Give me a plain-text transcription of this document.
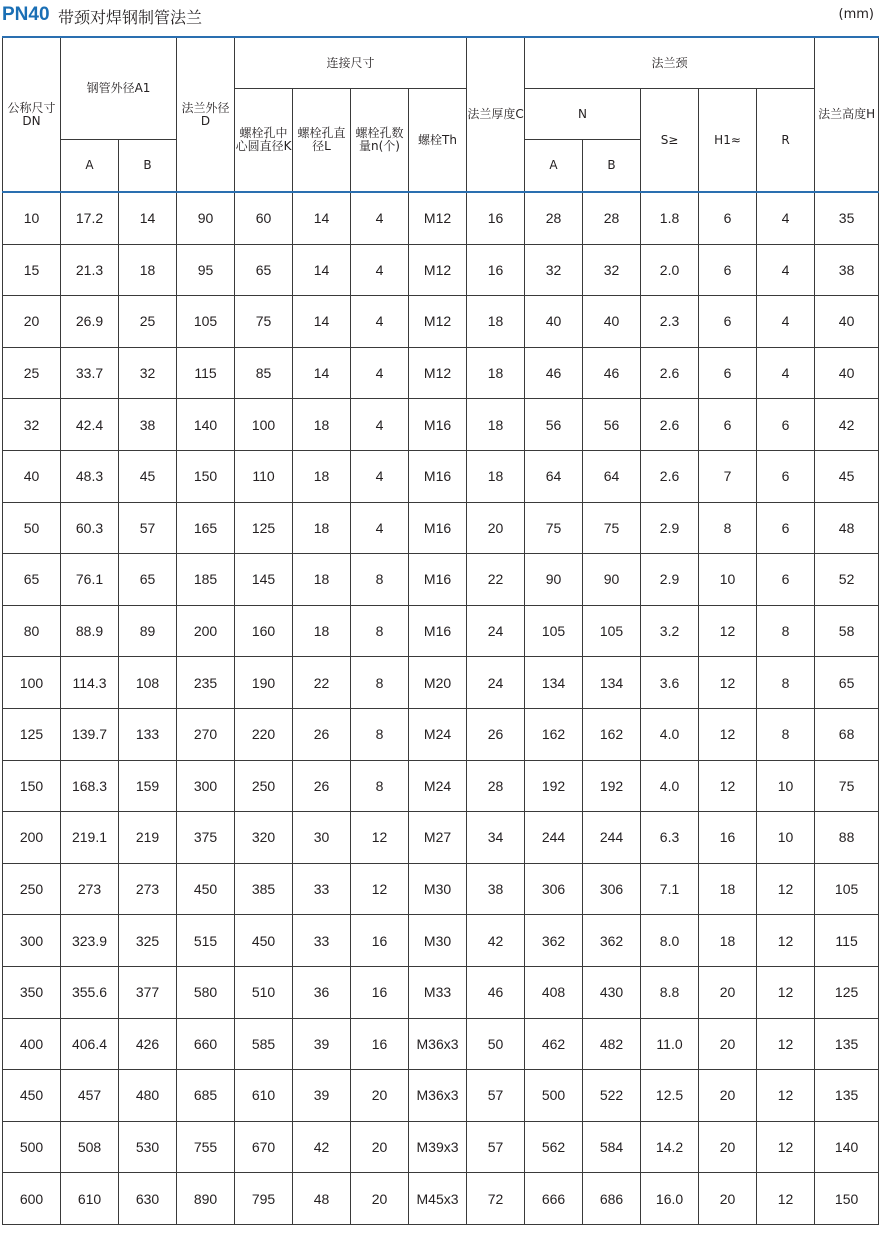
PN40 带颈对焊钢制管法兰	(mm)
公称尺寸DN	钢管外径A1		法兰外径D	连接尺寸				法兰厚度C	法兰颈					法兰高度H
				螺栓孔中心圆直径K	螺栓孔直径L	螺栓孔数量n(个)	螺栓Th		N		S≥	H1≈	R	
	A	B							A	B				
10	17.2	14	90	60	14	4	M12	16	28	28	1.8	6	4	35
15	21.3	18	95	65	14	4	M12	16	32	32	2.0	6	4	38
20	26.9	25	105	75	14	4	M12	18	40	40	2.3	6	4	40
25	33.7	32	115	85	14	4	M12	18	46	46	2.6	6	4	40
32	42.4	38	140	100	18	4	M16	18	56	56	2.6	6	6	42
40	48.3	45	150	110	18	4	M16	18	64	64	2.6	7	6	45
50	60.3	57	165	125	18	4	M16	20	75	75	2.9	8	6	48
65	76.1	65	185	145	18	8	M16	22	90	90	2.9	10	6	52
80	88.9	89	200	160	18	8	M16	24	105	105	3.2	12	8	58
100	114.3	108	235	190	22	8	M20	24	134	134	3.6	12	8	65
125	139.7	133	270	220	26	8	M24	26	162	162	4.0	12	8	68
150	168.3	159	300	250	26	8	M24	28	192	192	4.0	12	10	75
200	219.1	219	375	320	30	12	M27	34	244	244	6.3	16	10	88
250	273	273	450	385	33	12	M30	38	306	306	7.1	18	12	105
300	323.9	325	515	450	33	16	M30	42	362	362	8.0	18	12	115
350	355.6	377	580	510	36	16	M33	46	408	430	8.8	20	12	125
400	406.4	426	660	585	39	16	M36x3	50	462	482	11.0	20	12	135
450	457	480	685	610	39	20	M36x3	57	500	522	12.5	20	12	135
500	508	530	755	670	42	20	M39x3	57	562	584	14.2	20	12	140
600	610	630	890	795	48	20	M45x3	72	666	686	16.0	20	12	150
